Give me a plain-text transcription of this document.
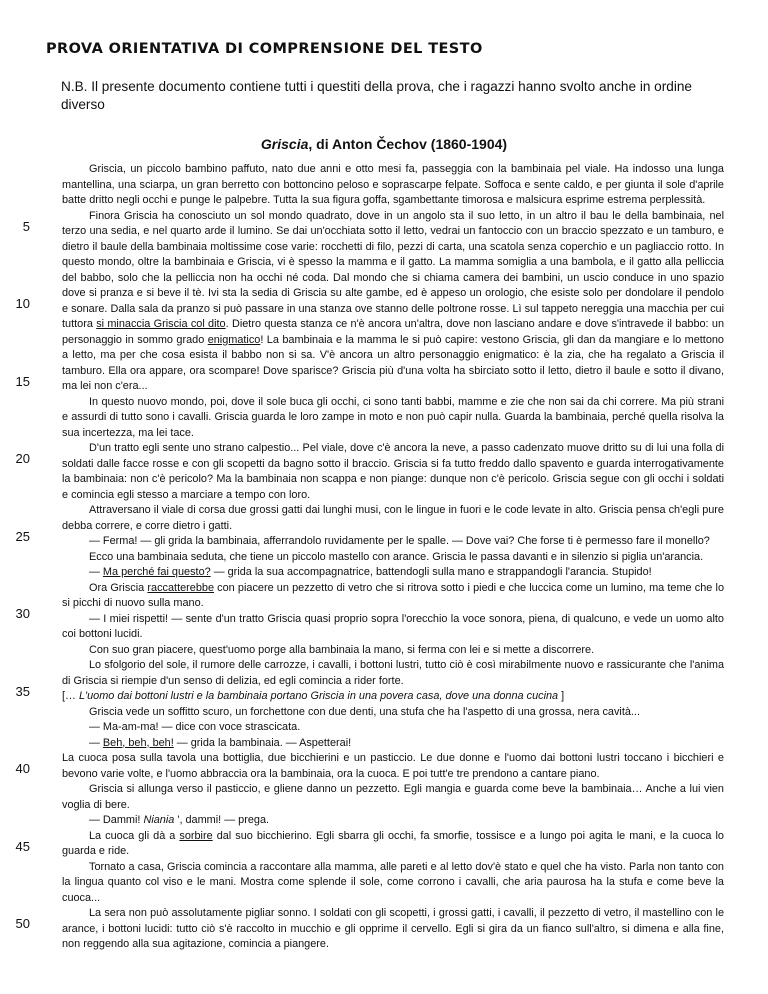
PROVA ORIENTATIVA DI COMPRENSIONE DEL TESTO
N.B. Il presente documento contiene tutti i questiti della prova, che i ragazzi hanno svolto anche in ordine diverso
Griscia, di Anton Čechov (1860-1904)
5
10
15
20
25
30
35
40
45
50

Griscia, un piccolo bambino paffuto, nato due anni e otto mesi fa, passeggia con la bambinaia pel viale. Ha indosso una lunga mantellina, una sciarpa, un gran berretto con bottoncino peloso e soprascarpe felpate. Soffoca e sente caldo, e per giunta il sole d'aprile batte dritto negli occhi e punge le palpebre. Tutta la sua figura goffa, sgambettante timorosa e malsicura esprime estrema perplessità.

Finora Griscia ha conosciuto un sol mondo quadrato, dove in un angolo sta il suo letto, in un altro il bau le della bambinaia, nel terzo una sedia, e nel quarto arde il lumino. Se dai un'occhiata sotto il letto, vedrai un fantoccio con un braccio spezzato e un tamburo, e dietro il baule della bambinaia moltissime cose varie: rocchetti di filo, pezzi di carta, una scatola senza coperchio e un pagliaccio rotto. In questo mondo, oltre la bambinaia e Griscia, vi è spesso la mamma e il gatto. La mamma somiglia a una bambola, e il gatto alla pelliccia del babbo, solo che la pelliccia non ha occhi né coda. Dal mondo che si chiama camera dei bambini, un uscio conduce in uno spazio dove si pranza e si beve il tè. Ivi sta la sedia di Griscia su alte gambe, ed è appeso un orologio, che esiste solo per dondolare il pendolo e sonare. Dalla sala da pranzo si può passare in una stanza ove stanno delle poltrone rosse. Lì sul tappeto nereggia una macchia per cui tuttora si minaccia Griscia col dito. Dietro questa stanza ce n'è ancora un'altra, dove non lasciano andare e dove s'intravede il babbo: un personaggio in sommo grado enigmatico! La bambinaia e la mamma le si può capire: vestono Griscia, gli dan da mangiare e lo mettono a letto, ma per che cosa esista il babbo non si sa. V'è ancora un altro personaggio enigmatico: è la zia, che ha regalato a Griscia il tamburo. Ella ora appare, ora scompare! Dove sparisce? Griscia più d'una volta ha sbirciato sotto il letto, dietro il baule e sotto il divano, ma lei non c'era...

In questo nuovo mondo, poi, dove il sole buca gli occhi, ci sono tanti babbi, mamme e zie che non sai da chi correre. Ma più strani e assurdi di tutto sono i cavalli. Griscia guarda le loro zampe in moto e non può capir nulla. Guarda la bambinaia, perché quella risolva la sua incertezza, ma lei tace.

D'un tratto egli sente uno strano calpestio... Pel viale, dove c'è ancora la neve, a passo cadenzato muove dritto su di lui una folla di soldati dalle facce rosse e con gli scopetti da bagno sotto il braccio. Griscia si fa tutto freddo dallo spavento e guarda interrogativamente la bambinaia: non c'è pericolo? Ma la bambinaia non scappa e non piange: dunque non c'è pericolo. Griscia segue con gli occhi i soldati e comincia egli stesso a marciare a tempo con loro.

Attraversano il viale di corsa due grossi gatti dai lunghi musi, con le lingue in fuori e le code levate in alto. Griscia pensa ch'egli pure debba correre, e corre dietro i gatti.

— Ferma! — gli grida la bambinaia, afferrandolo ruvidamente per le spalle. — Dove vai? Che forse ti è permesso fare il monello?

Ecco una bambinaia seduta, che tiene un piccolo mastello con arance. Griscia le passa davanti e in silenzio si piglia un'arancia.

— Ma perché fai questo? — grida la sua accompagnatrice, battendogli sulla mano e strappandogli l'arancia. Stupido!

Ora Griscia raccatterebbe con piacere un pezzetto di vetro che si ritrova sotto i piedi e che luccica come un lumino, ma teme che lo si picchi di nuovo sulla mano.

— I miei rispetti! — sente d'un tratto Griscia quasi proprio sopra l'orecchio la voce sonora, piena, di qualcuno, e vede un uomo alto coi bottoni lucidi.

Con suo gran piacere, quest'uomo porge alla bambinaia la mano, si ferma con lei e si mette a discorrere.

Lo sfolgorio del sole, il rumore delle carrozze, i cavalli, i bottoni lustri, tutto ciò è così mirabilmente nuovo e rassicurante che l'anima di Griscia si riempie d'un senso di delizia, ed egli comincia a rider forte.

[… L'uomo dai bottoni lustri e la bambinaia portano Griscia in una povera casa, dove una donna cucina ]

Griscia vede un soffitto scuro, un forchettone con due denti, una stufa che ha l'aspetto di una grossa, nera cavità...

— Ma-am-ma! — dice con voce strascicata.

— Beh, beh, beh! — grida la bambinaia. — Aspetterai!

La cuoca posa sulla tavola una bottiglia, due bicchierini e un pasticcio. Le due donne e l'uomo dai bottoni lustri toccano i bicchieri e bevono varie volte, e l'uomo abbraccia ora la bambinaia, ora la cuoca. E poi tutt'e tre prendono a cantare piano.

Griscia si allunga verso il pasticcio, e gliene danno un pezzetto. Egli mangia e guarda come beve la bambinaia… Anche a lui vien voglia di bere.

— Dammi! Niania ', dammi! — prega.

La cuoca gli dà a sorbire dal suo bicchierino. Egli sbarra gli occhi, fa smorfie, tossisce e a lungo poi agita le mani, e la cuoca lo guarda e ride.

Tornato a casa, Griscia comincia a raccontare alla mamma, alle pareti e al letto dov'è stato e quel che ha visto. Parla non tanto con la lingua quanto col viso e le mani. Mostra come splende il sole, come corrono i cavalli, che aria paurosa ha la stufa e come beve la cuoca...

La sera non può assolutamente pigliar sonno. I soldati con gli scopetti, i grossi gatti, i cavalli, il pezzetto di vetro, il mastellino con le arance, i bottoni lucidi: tutto ciò s'è raccolto in mucchio e gli opprime il cervello. Egli si gira da un fianco sull'altro, si dimena e alla fine, non reggendo alla sua agitazione, comincia a piangere.
